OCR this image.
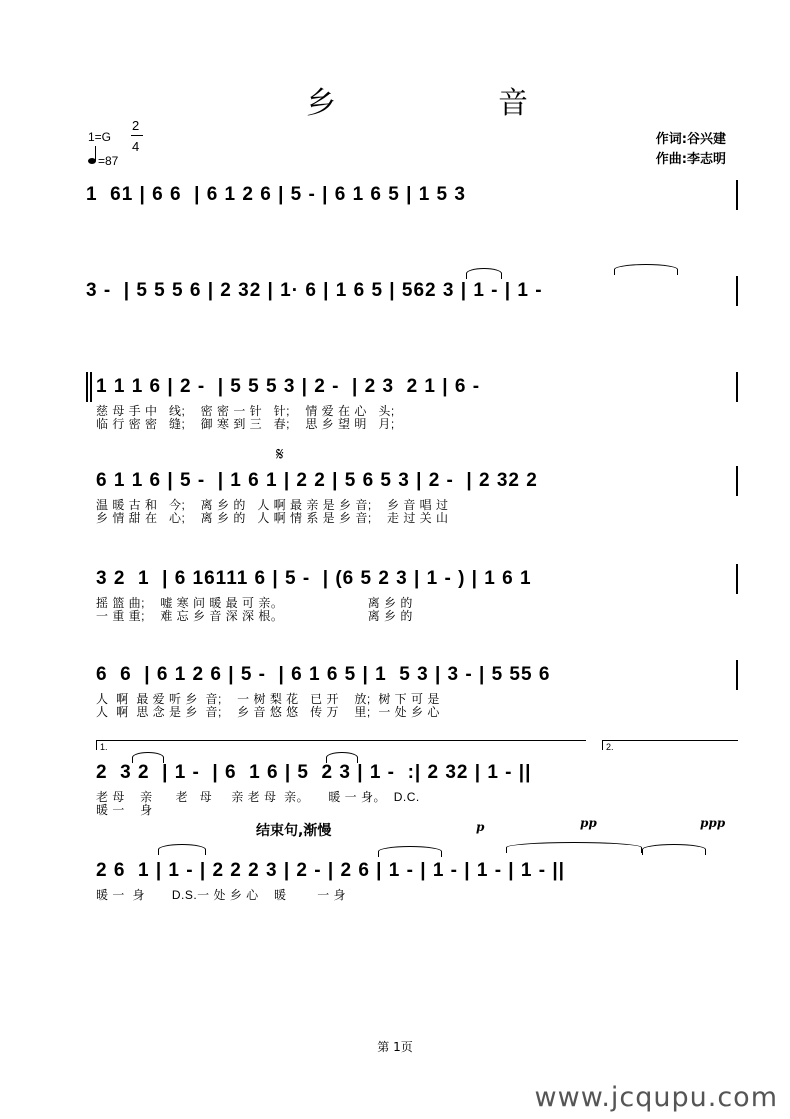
乡	音
1=G
2
4
=87
作词:谷兴建
作曲:李志明
1  61 | 6 6  | 6 1 2 6 | 5 - | 6 1 6 5 | 1 5 3
3 -  | 5 5 5 6 | 2 32 | 1· 6 | 1 6 5 | 562 3 | 1 - | 1 -
1 1 1 6 | 2 -  | 5 5 5 3 | 2 -  | 2 3  2 1 | 6 -
慈 母 手 中   线;    密 密 一 针   针;    情 爱 在 心   头;
临 行 密 密   缝;    御 寒 到 三   春;    思 乡 望 明   月;
𝄋
6 1 1 6 | 5 -  | 1 6 1 | 2 2 | 5 6 5 3 | 2 -  | 2 32 2
温 暖 古 和   今;    离 乡 的   人 啊 最 亲 是 乡 音;    乡 音 唱 过
乡 情 甜 在   心;    离 乡 的   人 啊 情 系 是 乡 音;    走 过 关 山
3 2  1  | 6 16111 6 | 5 -  | (6 5 2 3 | 1 - ) | 1 6 1
摇 篮 曲;    嘘 寒 问 暖 最 可 亲。                      离 乡 的
一 重 重;    难 忘 乡 音 深 深 根。                      离 乡 的
6  6  | 6 1 2 6 | 5 -  | 6 1 6 5 | 1  5 3 | 3 - | 5 55 6
人  啊  最 爱 听 乡  音;    一 树 梨 花   已 开    放;  树 下 可 是
人  啊  思 念 是 乡  音;    乡 音 悠 悠   传 万    里;  一 处 乡 心
1.	2.
2  3 2  | 1 -  | 6  1 6 | 5  2 3 | 1 -  :| 2 32 | 1 - ||
老 母    亲      老   母     亲 老 母  亲。     暖 一 身。  D.C.
暖 一    身
结束句,渐慢	p	pp	ppp
2 6  1 | 1 - | 2 2 2 3 | 2 - | 2 6 | 1 - | 1 - | 1 - | 1 - ||
暖 一  身       D.S.一 处 乡 心    暖        一 身
第 1页
www.jcqupu.com
